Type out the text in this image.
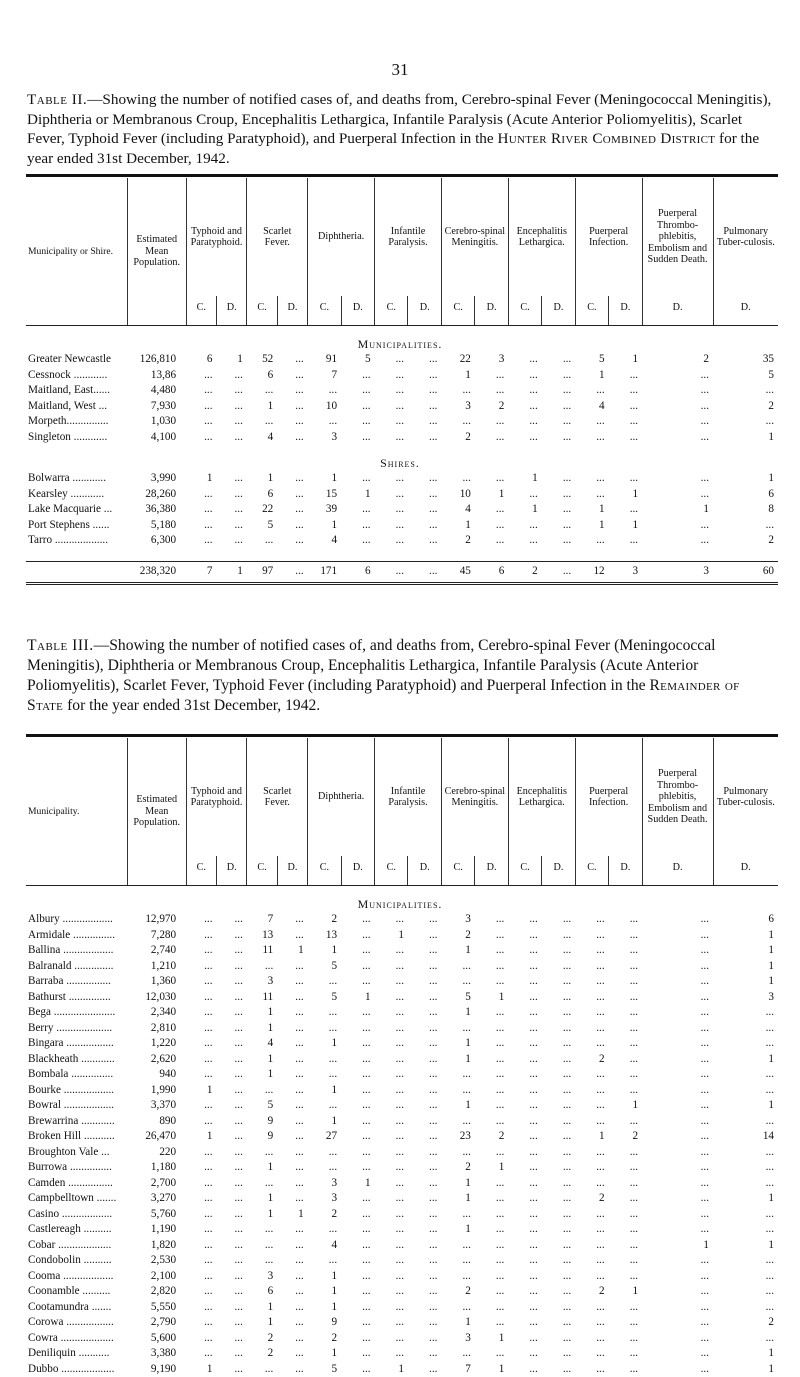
31
Table II.—Showing the number of notified cases of, and deaths from, Cerebro-spinal Fever (Meningococcal Meningitis), Diphtheria or Membranous Croup, Encephalitis Lethargica, Infantile Paralysis (Acute Anterior Poliomyelitis), Scarlet Fever, Typhoid Fever (including Paratyphoid), and Puerperal Infection in the Hunter River Combined District for the year ended 31st December, 1942.
Municipality or Shire.	Estimated Mean Population.	Typhoid and Paratyphoid.		Scarlet Fever.		Diphtheria.		Infantile Paralysis.		Cerebro-spinal Meningitis.		Encephalitis Lethargica.		Puerperal Infection.		Puerperal Thrombo-phlebitis, Embolism and Sudden Death.	Pulmonary Tuber-culosis.
		C.	D.	C.	D.	C.	D.	C.	D.	C.	D.	C.	D.	C.	D.	D.	D.
Municipalities.																	
Greater Newcastle	126,810	6	1	52	...	91	5	...	...	22	3	...	...	5	1	2	35
Cessnock ............	13,86	...	...	6	...	7	...	...	...	1	...	...	...	1	...	...	5
Maitland, East......	4,480	...	...	...	...	...	...	...	...	...	...	...	...	...	...	...	...
Maitland, West ...	7,930	...	...	1	...	10	...	...	...	3	2	...	...	4	...	...	2
Morpeth...............	1,030	...	...	...	...	...	...	...	...	...	...	...	...	...	...	...	...
Singleton ............	4,100	...	...	4	...	3	...	...	...	2	...	...	...	...	...	...	1
Shires.																	
Bolwarra ............	3,990	1	...	1	...	1	...	...	...	...	...	1	...	...	...	...	1
Kearsley ............	28,260	...	...	6	...	15	1	...	...	10	1	...	...	...	1	...	6
Lake Macquarie ...	36,380	...	...	22	...	39	...	...	...	4	...	1	...	1	...	1	8
Port Stephens ......	5,180	...	...	5	...	1	...	...	...	1	...	...	...	1	1	...	...
Tarro ...................	6,300	...	...	...	...	4	...	...	...	2	...	...	...	...	...	...	2

	238,320	7	1	97	...	171	6	...	...	45	6	2	...	12	3	3	60
Table III.—Showing the number of notified cases of, and deaths from, Cerebro-spinal Fever (Meningococcal Meningitis), Diphtheria or Membranous Croup, Encephalitis Lethargica, Infantile Paralysis (Acute Anterior Poliomyelitis), Scarlet Fever, Typhoid Fever (including Paratyphoid) and Puerperal Infection in the Remainder of State for the year ended 31st December, 1942.
Municipality.	Estimated Mean Population.	Typhoid and Paratyphoid.		Scarlet Fever.		Diphtheria.		Infantile Paralysis.		Cerebro-spinal Meningitis.		Encephalitis Lethargica.		Puerperal Infection.		Puerperal Thrombo-phlebitis, Embolism and Sudden Death.	Pulmonary Tuber-culosis.
		C.	D.	C.	D.	C.	D.	C.	D.	C.	D.	C.	D.	C.	D.	D.	D.
Municipalities.																	
Albury ..................	12,970	...	...	7	...	2	...	...	...	3	...	...	...	...	...	...	6
Armidale ...............	7,280	...	...	13	...	13	...	1	...	2	...	...	...	...	...	...	1
Ballina ..................	2,740	...	...	11	1	1	...	...	...	1	...	...	...	...	...	...	1
Balranald ..............	1,210	...	...	...	...	5	...	...	...	...	...	...	...	...	...	...	1
Barraba ................	1,360	...	...	3	...	...	...	...	...	...	...	...	...	...	...	...	1
Bathurst ...............	12,030	...	...	11	...	5	1	...	...	5	1	...	...	...	...	...	3
Bega ......................	2,340	...	...	1	...	...	...	...	...	1	...	...	...	...	...	...	...
Berry ....................	2,810	...	...	1	...	...	...	...	...	...	...	...	...	...	...	...	...
Bingara .................	1,220	...	...	4	...	1	...	...	...	1	...	...	...	...	...	...	...
Blackheath ............	2,620	...	...	1	...	...	...	...	...	1	...	...	...	2	...	...	1
Bombala ...............	940	...	...	1	...	...	...	...	...	...	...	...	...	...	...	...	...
Bourke ..................	1,990	1	...	...	...	1	...	...	...	...	...	...	...	...	...	...	...
Bowral ..................	3,370	...	...	5	...	...	...	...	...	1	...	...	...	...	1	...	1
Brewarrina ............	890	...	...	9	...	1	...	...	...	...	...	...	...	...	...	...	...
Broken Hill ...........	26,470	1	...	9	...	27	...	...	...	23	2	...	...	1	2	...	14
Broughton Vale ...	220	...	...	...	...	...	...	...	...	...	...	...	...	...	...	...	...
Burrowa ...............	1,180	...	...	1	...	...	...	...	...	2	1	...	...	...	...	...	...
Camden ................	2,700	...	...	...	...	3	1	...	...	1	...	...	...	...	...	...	...
Campbelltown .......	3,270	...	...	1	...	3	...	...	...	1	...	...	...	2	...	...	1
Casino ..................	5,760	...	...	1	1	2	...	...	...	...	...	...	...	...	...	...	...
Castlereagh ..........	1,190	...	...	...	...	...	...	...	...	1	...	...	...	...	...	...	...
Cobar ...................	1,820	...	...	...	...	4	...	...	...	...	...	...	...	...	...	1	1
Condobolin ..........	2,530	...	...	...	...	...	...	...	...	...	...	...	...	...	...	...	...
Cooma ..................	2,100	...	...	3	...	1	...	...	...	...	...	...	...	...	...	...	...
Coonamble ..........	2,820	...	...	6	...	1	...	...	...	2	...	...	...	2	1	...	...
Cootamundra .......	5,550	...	...	1	...	1	...	...	...	...	...	...	...	...	...	...	...
Corowa .................	2,790	...	...	1	...	9	...	...	...	1	...	...	...	...	...	...	2
Cowra ...................	5,600	...	...	2	...	2	...	...	...	3	1	...	...	...	...	...	...
Deniliquin ...........	3,380	...	...	2	...	1	...	...	...	...	...	...	...	...	...	...	1
Dubbo ...................	9,190	1	...	...	...	5	...	1	...	7	1	...	...	...	...	...	1
